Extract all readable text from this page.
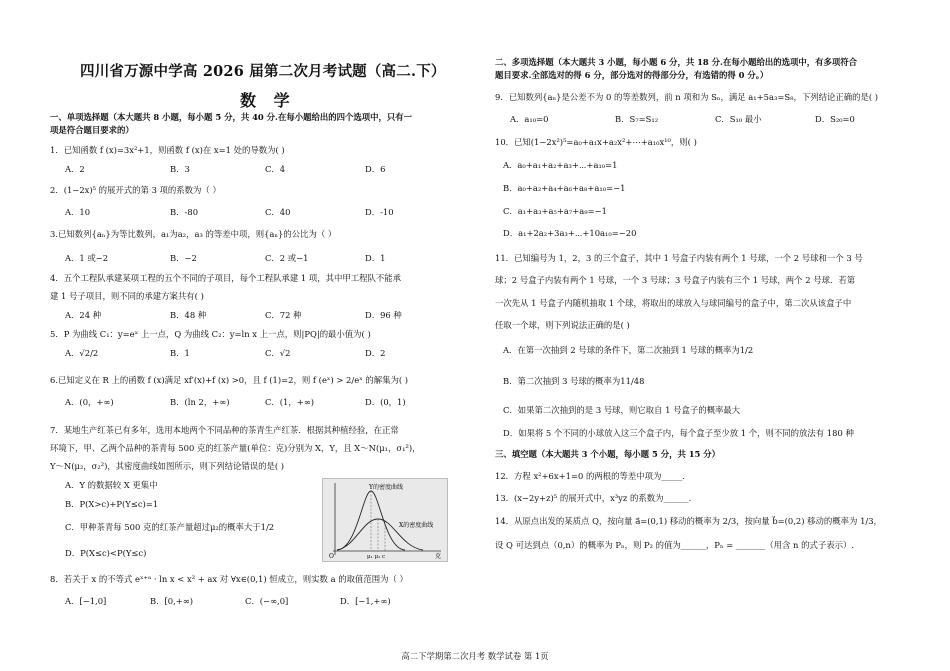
四川省万源中学高 2026 届第二次月考试题（高二.下）
数 学
一、单项选择题（本大题共 8 小题，每小题 5 分，共 40 分.在每小题给出的四个选项中，只有一
项是符合题目要求的）
1．已知函数 f (x)=3x²+1，则函数 f (x)在 x=1 处的导数为( )
A．2	B．3	C．4	D．6
2．(1−2x)⁵ 的展开式的第 3 项的系数为（ ）
A．10	B．-80	C．40	D．-10
3.已知数列{aₙ}为等比数列，a₁为a₂，a₃ 的等差中项，则{aₙ}的公比为（ ）
A．1 或−2	B．−2	C．2 或−1	D．1
4．五个工程队承建某项工程的五个不同的子项目，每个工程队承建 1 项，其中甲工程队不能承
建 1 号子项目，则不同的承建方案共有( )
A．24 种	B．48 种	C．72 种	D．96 种
5．P 为曲线 C₁：y=eˣ 上一点，Q 为曲线 C₂：y=ln x 上一点，则|PQ|的最小值为( )
A．√2/2	B．1	C．√2	D．2
6.已知定义在 R 上的函数 f (x)满足 xf′(x)+f (x) >0，且 f (1)=2，则 f (eˣ) > 2/eˣ 的解集为( )
A．(0，+∞)	B．(ln 2，+∞)	C．(1，+∞)	D．(0，1)
7．某地生产红茶已有多年，选用本地两个不同品种的茶青生产红茶．根据其种植经验，在正常
环境下，甲、乙两个品种的茶青每 500 克的红茶产量(单位：克)分别为 X，Y，且 X～N(μ₁，σ₁²)，
Y～N(μ₂，σ₂²)，其密度曲线如图所示，则下列结论错误的是( )
A．Y 的数据较 X 更集中
B．P(X>c)+P(Y≤c)=1
C．甲种茶青每 500 克的红茶产量超过μ₂的概率大于1/2
D．P(X≤c)<P(Y≤c)
Y的密度曲线
X的密度曲线
O	μ₁ μ₂ c	克
8．若关于 x 的不等式 eˣ⁺ᵃ · ln x < x² + ax 对 ∀x∈(0,1) 恒成立，则实数 a 的取值范围为（ ）
A．[−1,0]	B．[0,+∞)	C．(−∞,0]	D．[−1,+∞)
二、多项选择题（本大题共 3 小题，每小题 6 分，共 18 分.在每小题给出的选项中，有多项符合
题目要求.全部选对的得 6 分，部分选对的得部分分，有选错的得 0 分。）
9．已知数列{aₙ}是公差不为 0 的等差数列，前 n 项和为 Sₙ，满足 a₁+5a₃=S₈，下列结论正确的是( )
A．a₁₀=0	B．S₇=S₁₂	C．S₁₀ 最小	D．S₂₀=0
10．已知(1−2x²)⁵=a₀+a₁x+a₂x²+⋯+a₁₀x¹⁰，则( )
A．a₀+a₁+a₂+a₃+⋯+a₁₀=1
B．a₀+a₂+a₄+a₆+a₈+a₁₀=−1
C．a₁+a₃+a₅+a₇+a₉=−1
D．a₁+2a₂+3a₃+⋯+10a₁₀=−20
11．已知编号为 1，2，3 的三个盒子，其中 1 号盒子内装有两个 1 号球，一个 2 号球和一个 3 号
球；2 号盒子内装有两个 1 号球，一个 3 号球；3 号盒子内装有三个 1 号球，两个 2 号球．若第
一次先从 1 号盒子内随机抽取 1 个球，将取出的球放入与球同编号的盒子中，第二次从该盒子中
任取一个球，则下列说法正确的是( )
A．在第一次抽到 2 号球的条件下，第二次抽到 1 号球的概率为1/2
B．第二次抽到 3 号球的概率为11/48
C．如果第二次抽到的是 3 号球，则它取自 1 号盒子的概率最大
D．如果将 5 个不同的小球放入这三个盒子内，每个盒子至少放 1 个，则不同的放法有 180 种
三、填空题（本大题共 3 个小题，每小题 5 分，共 15 分）
12．方程 x²+6x+1=0 的两根的等差中项为_____.
13．(x−2y+z)⁵ 的展开式中，x³yz 的系数为______.
14．从原点出发的某质点 Q，按向量 a⃗=(0,1) 移动的概率为 2/3，按向量 b⃗=(0,2) 移动的概率为 1/3，
设 Q 可达到点（0,n）的概率为 Pₙ，则 P₂ 的值为______，Pₙ = _______（用含 n 的式子表示）.
高二下学期第二次月考 数学试卷 第 1页
